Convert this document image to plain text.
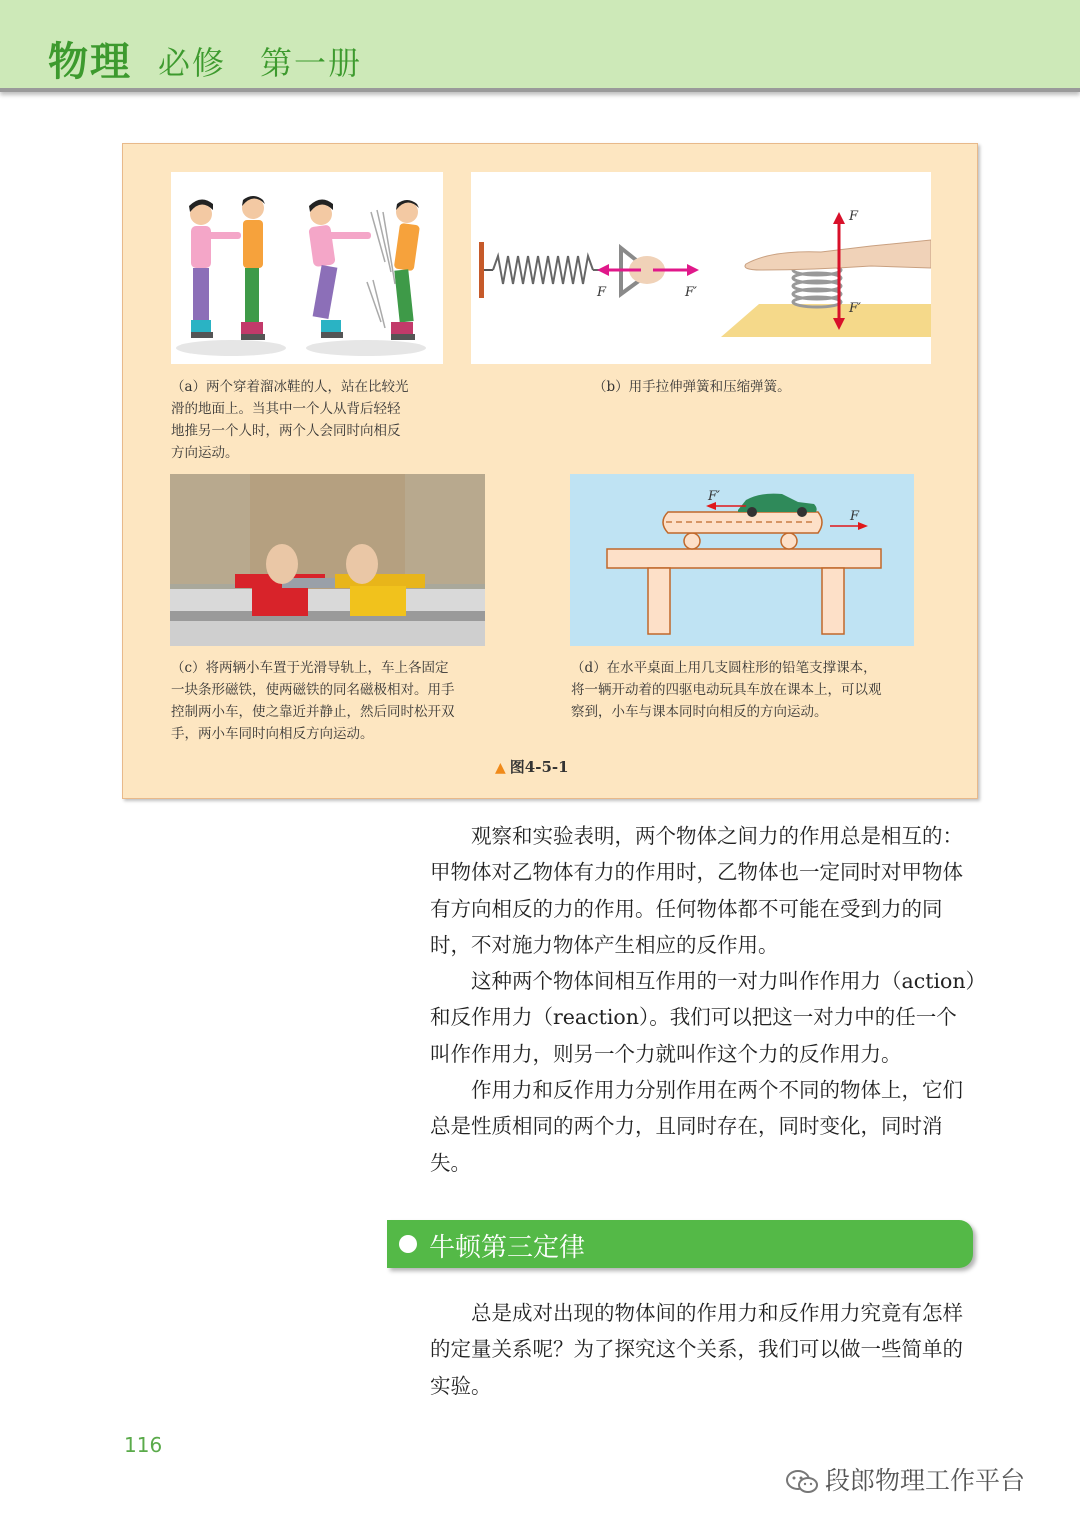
物理 必修　第一册
F	F′
F
F′
（a）两个穿着溜冰鞋的人，站在比较光
滑的地面上。当其中一个人从背后轻轻
地推另一个人时，两个人会同时向相反
方向运动。
（b）用手拉伸弹簧和压缩弹簧。
F′
F
（c）将两辆小车置于光滑导轨上，车上各固定
一块条形磁铁，使两磁铁的同名磁极相对。用手
控制两小车，使之靠近并静止，然后同时松开双
手，两小车同时向相反方向运动。
（d）在水平桌面上用几支圆柱形的铅笔支撑课本，
将一辆开动着的四驱电动玩具车放在课本上，可以观
察到，小车与课本同时向相反的方向运动。
▲ 图4-5-1

观察和实验表明，两个物体之间力的作用总是相互的：甲物体对乙物体有力的作用时，乙物体也一定同时对甲物体有方向相反的力的作用。任何物体都不可能在受到力的同时，不对施力物体产生相应的反作用。

这种两个物体间相互作用的一对力叫作作用力（action）和反作用力（reaction）。我们可以把这一对力中的任一个叫作作用力，则另一个力就叫作这个力的反作用力。

作用力和反作用力分别作用在两个不同的物体上，它们总是性质相同的两个力，且同时存在，同时变化，同时消失。

牛顿第三定律

总是成对出现的物体间的作用力和反作用力究竟有怎样的定量关系呢？为了探究这个关系，我们可以做一些简单的实验。

116
段郎物理工作平台
